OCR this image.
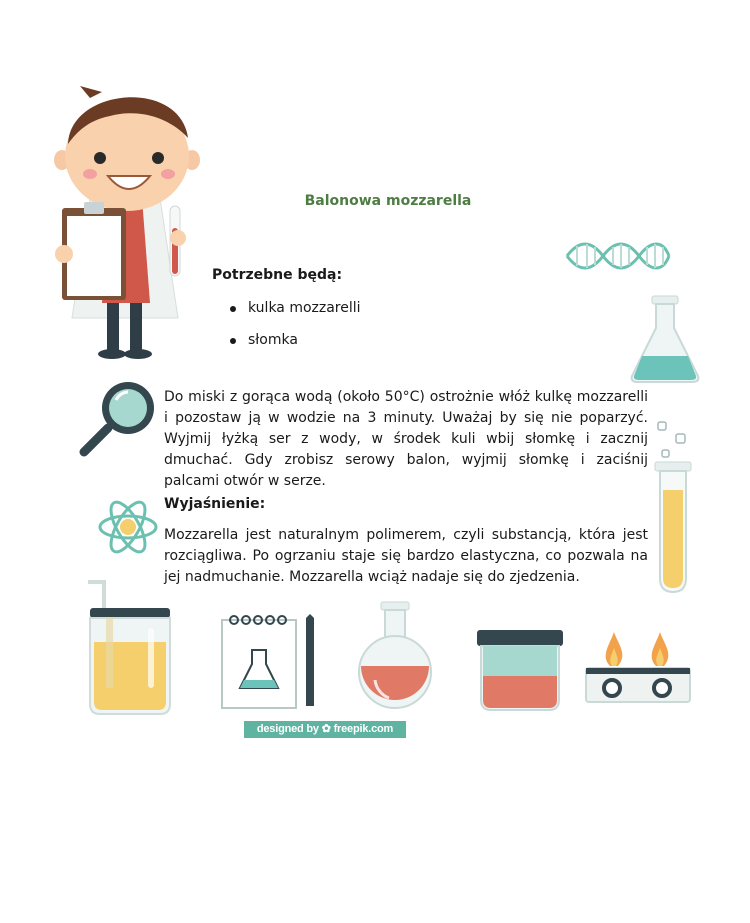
Balonowa mozzarella
Potrzebne będą:
kulka mozzarelli
słomka

Do miski z gorąca wodą (około 50°C) ostrożnie włóż kulkę mozzarelli i pozostaw ją w wodzie na 3 minuty. Uważaj by się nie poparzyć. Wyjmij łyżką ser z wody, w środek kuli wbij słomkę i zacznij dmuchać. Gdy zrobisz serowy balon, wyjmij słomkę i zaciśnij palcami otwór w serze.

Wyjaśnienie:

Mozzarella jest naturalnym polimerem, czyli substancją, która jest rozciągliwa. Po ogrzaniu staje się bardzo elastyczna, co pozwala na jej nadmuchanie. Mozzarella wciąż nadaje się do zjedzenia.

designed by ✿ freepik.com
